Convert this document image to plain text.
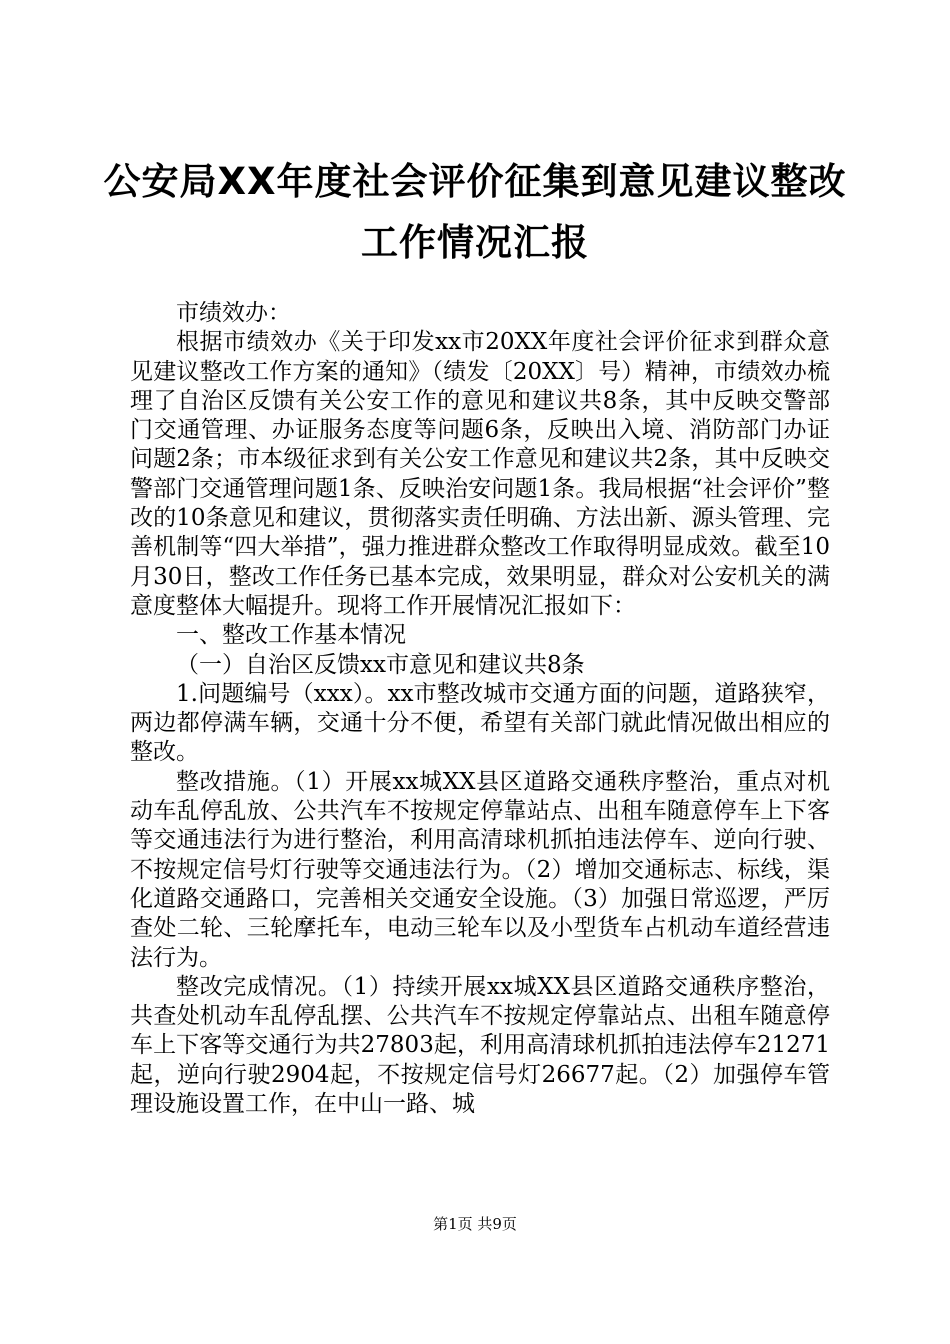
公安局XX年度社会评价征集到意见建议整改
工作情况汇报

市绩效办：

根据市绩效办《关于印发xx市20XX年度社会评价征求到群众意见建议整改工作方案的通知》（绩发〔20XX〕号）精神，市绩效办梳理了自治区反馈有关公安工作的意见和建议共8条，其中反映交警部门交通管理、办证服务态度等问题6条，反映出入境、消防部门办证问题2条；市本级征求到有关公安工作意见和建议共2条，其中反映交警部门交通管理问题1条、反映治安问题1条。我局根据“社会评价”整改的10条意见和建议，贯彻落实责任明确、方法出新、源头管理、完善机制等“四大举措”，强力推进群众整改工作取得明显成效。截至10月30日，整改工作任务已基本完成，效果明显，群众对公安机关的满意度整体大幅提升。现将工作开展情况汇报如下：

一、整改工作基本情况

（一）自治区反馈xx市意见和建议共8条

1.问题编号（xxx）。xx市整改城市交通方面的问题，道路狭窄，两边都停满车辆，交通十分不便，希望有关部门就此情况做出相应的整改。

整改措施。（1）开展xx城XX县区道路交通秩序整治，重点对机动车乱停乱放、公共汽车不按规定停靠站点、出租车随意停车上下客等交通违法行为进行整治，利用高清球机抓拍违法停车、逆向行驶、不按规定信号灯行驶等交通违法行为。（2）增加交通标志、标线，渠化道路交通路口，完善相关交通安全设施。（3）加强日常巡逻，严厉查处二轮、三轮摩托车，电动三轮车以及小型货车占机动车道经营违法行为。

整改完成情况。（1）持续开展xx城XX县区道路交通秩序整治，共查处机动车乱停乱摆、公共汽车不按规定停靠站点、出租车随意停车上下客等交通行为共27803起，利用高清球机抓拍违法停车21271起，逆向行驶2904起，不按规定信号灯26677起。（2）加强停车管理设施设置工作，在中山一路、城

第1页 共9页
